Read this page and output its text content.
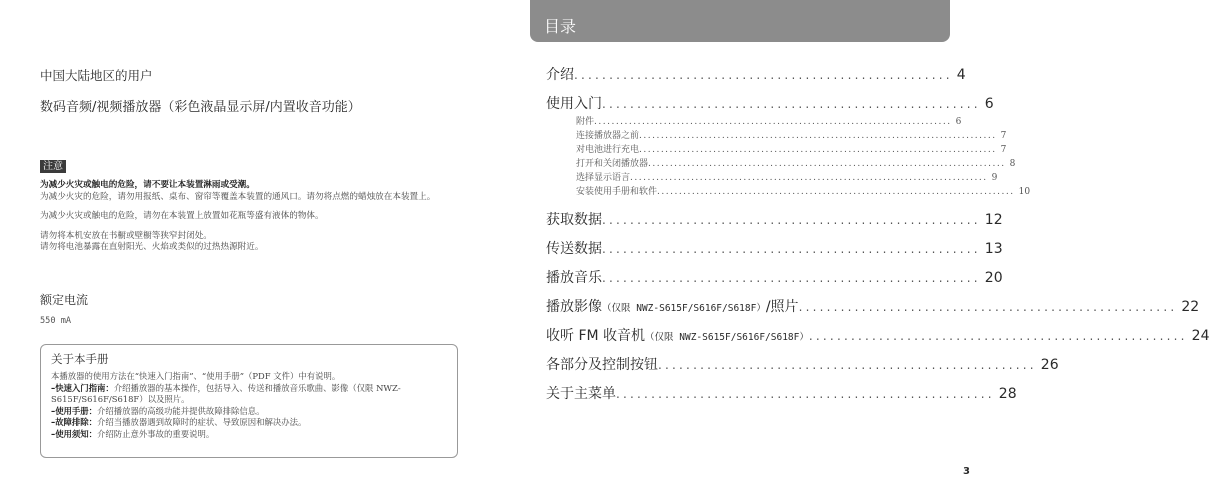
中国大陆地区的用户
数码音频/视频播放器（彩色液晶显示屏/内置收音功能）
注意

为减少火灾或触电的危险，请不要让本装置淋雨或受潮。

为减少火灾的危险，请勿用报纸、桌布、窗帘等覆盖本装置的通风口。请勿将点燃的蜡烛放在本装置上。

为减少火灾或触电的危险，请勿在本装置上放置如花瓶等盛有液体的物体。

请勿将本机安放在书橱或壁橱等狭窄封闭处。

请勿将电池暴露在直射阳光、火焰或类似的过热热源附近。

额定电流
550 mA
关于本手册

本播放器的使用方法在“快速入门指南”、“使用手册”（PDF 文件）中有说明。

–快速入门指南：介绍播放器的基本操作，包括导入、传送和播放音乐歌曲、影像（仅限 NWZ-S615F/S616F/S618F）以及照片。

–使用手册：介绍播放器的高级功能并提供故障排除信息。

–故障排除：介绍当播放器遇到故障时的症状、导致原因和解决办法。

–使用须知：介绍防止意外事故的重要说明。

目录
介绍 ...................................................... 4
使用入门 ...................................................... 6
附件 .................................................................................. 6
连接播放器之前 .................................................................................. 7
对电池进行充电 .................................................................................. 7
打开和关闭播放器 .................................................................................. 8
选择显示语言 .................................................................................. 9
安装使用手册和软件 .................................................................................. 10
获取数据 ...................................................... 12
传送数据 ...................................................... 13
播放音乐 ...................................................... 20
播放影像 （仅限 NWZ-S615F/S616F/S618F） /照片 ...................................................... 22
收听 FM 收音机 （仅限 NWZ-S615F/S616F/S618F） ...................................................... 24
各部分及控制按钮 ...................................................... 26
关于主菜单 ...................................................... 28
3
